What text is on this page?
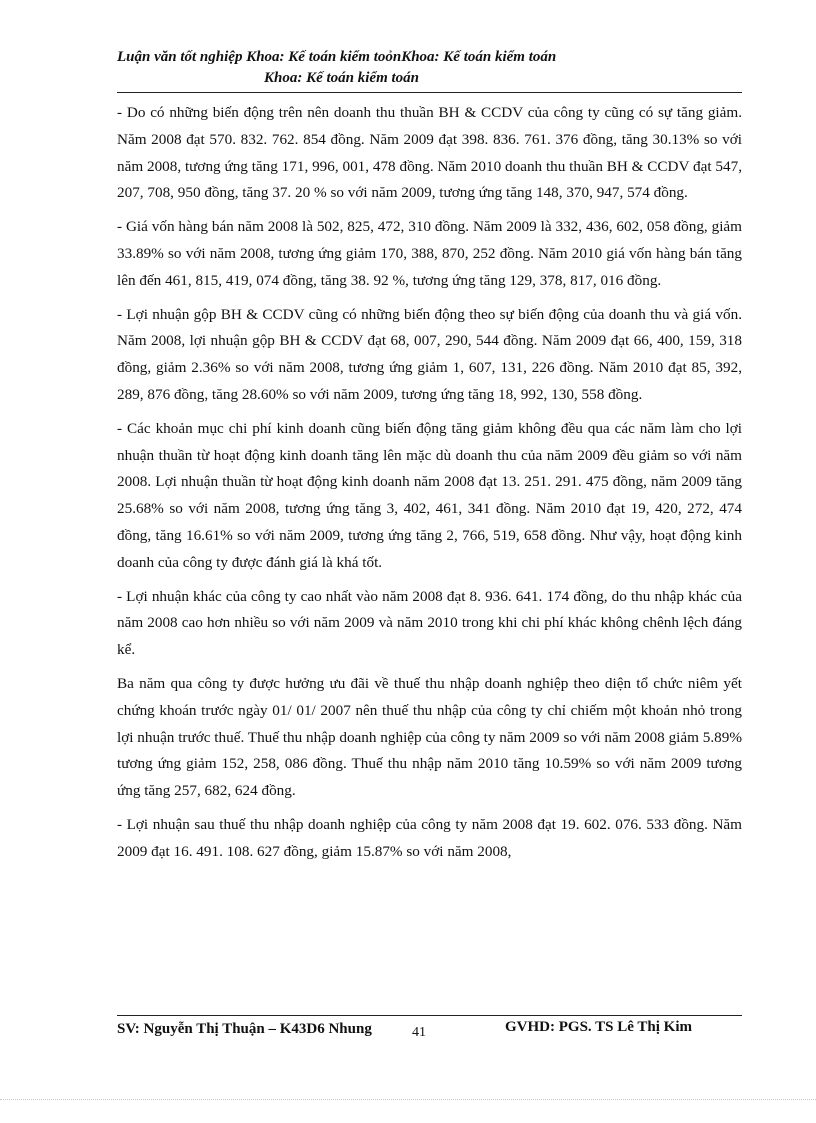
Luận văn tốt nghiệp Khoa: Kế toán kiểm toỏnKhoa: Kế toán kiểm toán
Khoa: Kế toán kiểm toán

- Do có những biến động trên nên doanh thu thuần BH & CCDV của công ty cũng có sự tăng giảm. Năm 2008 đạt 570. 832. 762. 854 đồng. Năm 2009 đạt 398. 836. 761. 376 đồng, tăng 30.13% so với năm 2008, tương ứng tăng 171, 996, 001, 478 đồng. Năm 2010 doanh thu thuần BH & CCDV đạt 547, 207, 708, 950 đồng, tăng 37. 20 % so với năm 2009, tương ứng tăng 148, 370, 947, 574 đồng.

- Giá vốn hàng bán năm 2008 là 502, 825, 472, 310 đồng. Năm 2009 là 332, 436, 602, 058 đồng, giảm 33.89% so với năm 2008, tương ứng giảm 170, 388, 870, 252 đồng. Năm 2010 giá vốn hàng bán tăng lên đến 461, 815, 419, 074 đồng, tăng 38. 92 %, tương ứng tăng 129, 378, 817, 016 đồng.

- Lợi nhuận gộp BH & CCDV cũng có những biến động theo sự biến động của doanh thu và giá vốn. Năm 2008, lợi nhuận gộp BH & CCDV đạt 68, 007, 290, 544 đồng. Năm 2009 đạt 66, 400, 159, 318 đồng, giảm 2.36% so với năm 2008, tương ứng giảm 1, 607, 131, 226 đồng. Năm 2010 đạt 85, 392, 289, 876 đồng, tăng 28.60% so với năm 2009, tương ứng tăng 18, 992, 130, 558 đồng.

- Các khoản mục chi phí kinh doanh cũng biến động tăng giảm không đều qua các năm làm cho lợi nhuận thuần từ hoạt động kinh doanh tăng lên mặc dù doanh thu của năm 2009 đều giảm so với năm 2008. Lợi nhuận thuần từ hoạt động kinh doanh năm 2008 đạt 13. 251. 291. 475 đồng, năm 2009 tăng 25.68% so với năm 2008, tương ứng tăng 3, 402, 461, 341 đồng. Năm 2010 đạt 19, 420, 272, 474 đồng, tăng 16.61% so với năm 2009, tương ứng tăng 2, 766, 519, 658 đồng. Như vậy, hoạt động kinh doanh của công ty được đánh giá là khá tốt.

- Lợi nhuận khác của công ty cao nhất vào năm 2008 đạt 8. 936. 641. 174 đồng, do thu nhập khác của năm 2008 cao hơn nhiều so với năm 2009 và năm 2010 trong khi chi phí khác không chênh lệch đáng kể.

Ba năm qua công ty được hưởng ưu đãi về thuế thu nhập doanh nghiệp theo diện tổ chức niêm yết chứng khoán trước ngày 01/ 01/ 2007 nên thuế thu nhập của công ty chỉ chiếm một khoản nhỏ trong lợi nhuận trước thuế. Thuế thu nhập doanh nghiệp của công ty năm 2009 so với năm 2008 giảm 5.89% tương ứng giảm 152, 258, 086 đồng. Thuế thu nhập năm 2010 tăng 10.59% so với năm 2009 tương ứng tăng 257, 682, 624 đồng.

- Lợi nhuận sau thuế thu nhập doanh nghiệp của công ty năm 2008 đạt 19. 602. 076. 533 đồng. Năm 2009 đạt 16. 491. 108. 627 đồng, giảm 15.87% so với năm 2008,

SV: Nguyễn Thị Thuận – K43D6 Nhung	41	GVHD: PGS. TS Lê Thị Kim
